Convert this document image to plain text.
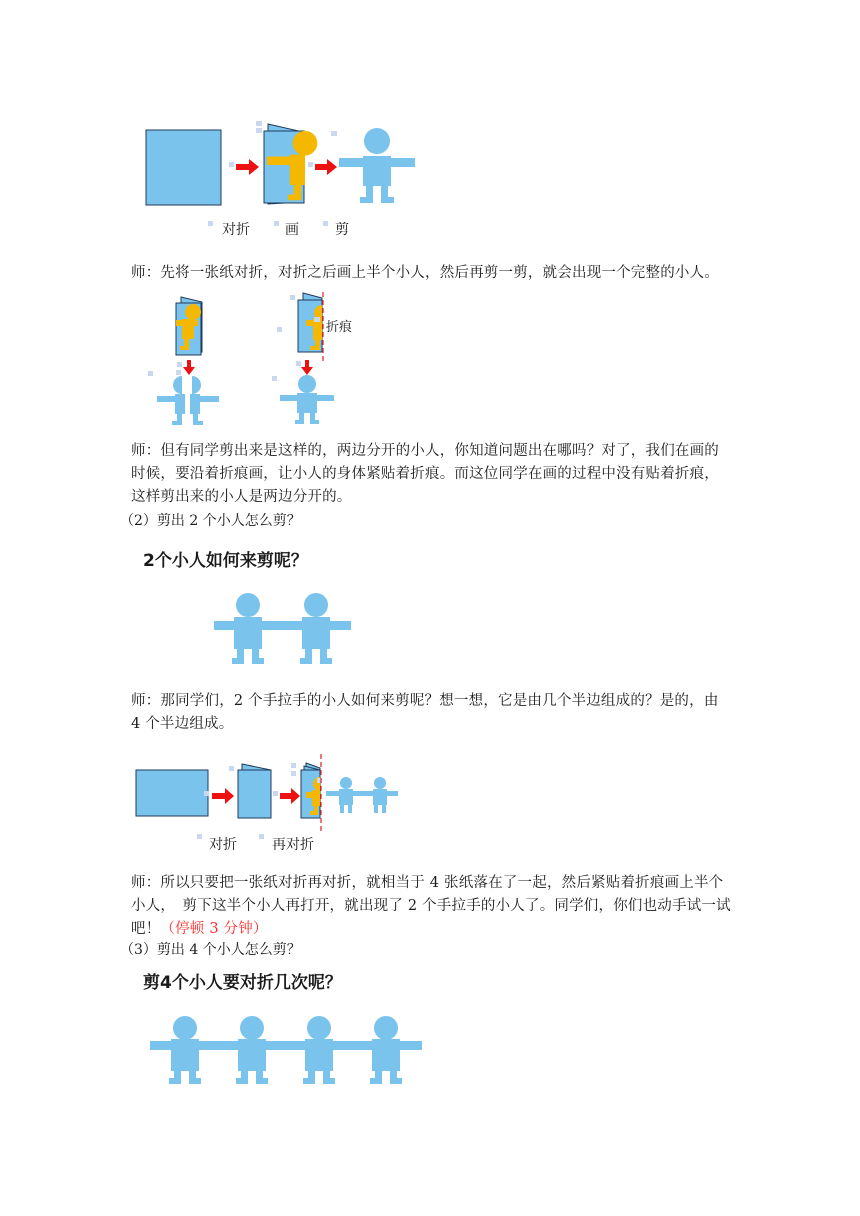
对折	画	剪
师：先将一张纸对折，对折之后画上半个小人，然后再剪一剪，就会出现一个完整的小人。
折痕
师：但有同学剪出来是这样的，两边分开的小人，你知道问题出在哪吗？对了，我们在画的时候，要沿着折痕画，让小人的身体紧贴着折痕。而这位同学在画的过程中没有贴着折痕，这样剪出来的小人是两边分开的。
（2）剪出 2 个小人怎么剪？
2个小人如何来剪呢？
师：那同学们，2 个手拉手的小人如何来剪呢？想一想，它是由几个半边组成的？是的，由 4 个半边组成。
对折	再对折
师：所以只要把一张纸对折再对折，就相当于 4 张纸落在了一起，然后紧贴着折痕画上半个小人，　剪下这半个小人再打开，就出现了 2 个手拉手的小人了。同学们，你们也动手试一试吧！（停顿 3 分钟）
（3）剪出 4 个小人怎么剪？
剪4个小人要对折几次呢？
